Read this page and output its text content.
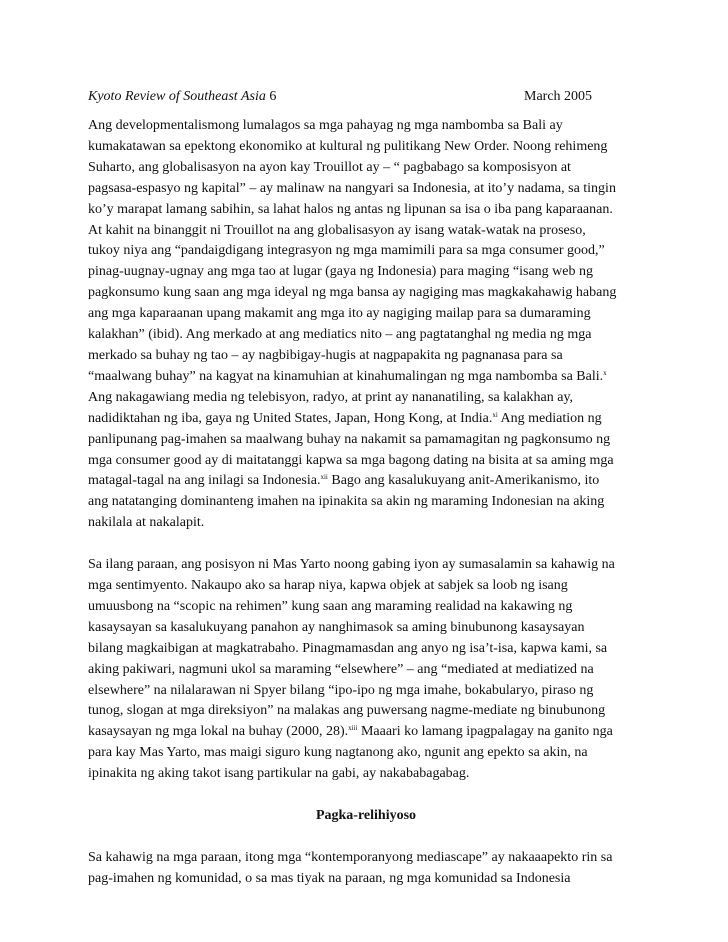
Kyoto Review of Southeast Asia 6	March 2005

Ang developmentalismong lumalagos sa mga pahayag ng mga nambomba sa Bali ay
kumakatawan sa epektong ekonomiko at kultural ng pulitikang New Order. Noong rehimeng
Suharto, ang globalisasyon na ayon kay Trouillot ay – “ pagbabago sa komposisyon at
pagsasa-espasyo ng kapital” – ay malinaw na nangyari sa Indonesia, at ito’y nadama, sa tingin
ko’y marapat lamang sabihin, sa lahat halos ng antas ng lipunan sa isa o iba pang kaparaanan.
At kahit na binanggit ni Trouillot na ang globalisasyon ay isang watak-watak na proseso,
tukoy niya ang “pandaigdigang integrasyon ng mga mamimili para sa mga consumer good,”
pinag-uugnay-ugnay ang mga tao at lugar (gaya ng Indonesia) para maging “isang web ng
pagkonsumo kung saan ang mga ideyal ng mga bansa ay nagiging mas magkakahawig habang
ang mga kaparaanan upang makamit ang mga ito ay nagiging mailap para sa dumaraming
kalakhan” (ibid). Ang merkado at ang mediatics nito – ang pagtatanghal ng media ng mga
merkado sa buhay ng tao – ay nagbibigay-hugis at nagpapakita ng pagnanasa para sa
“maalwang buhay” na kagyat na kinamuhian at kinahumalingan ng mga nambomba sa Bali.$^x$
Ang nakagawiang media ng telebisyon, radyo, at print ay nananatiling, sa kalakhan ay,
nadidiktahan ng iba, gaya ng United States, Japan, Hong Kong, at India.$^{xi}$ Ang mediation ng
panlipunang pag-imahen sa maalwang buhay na nakamit sa pamamagitan ng pagkonsumo ng
mga consumer good ay di maitatanggi kapwa sa mga bagong dating na bisita at sa aming mga
matagal-tagal na ang inilagi sa Indonesia.$^{xii}$ Bago ang kasalukuyang anit-Amerikanismo, ito
ang natatanging dominanteng imahen na ipinakita sa akin ng maraming Indonesian na aking
nakilala at nakalapit.

Sa ilang paraan, ang posisyon ni Mas Yarto noong gabing iyon ay sumasalamin sa kahawig na
mga sentimyento. Nakaupo ako sa harap niya, kapwa objek at sabjek sa loob ng isang
umuusbong na “scopic na rehimen” kung saan ang maraming realidad na kakawing ng
kasaysayan sa kasalukuyang panahon ay nanghimasok sa aming binubunong kasaysayan
bilang magkaibigan at magkatrabaho. Pinagmamasdan ang anyo ng isa’t-isa, kapwa kami, sa
aking pakiwari, nagmuni ukol sa maraming “elsewhere” – ang “mediated at mediatized na
elsewhere” na nilalarawan ni Spyer bilang “ipo-ipo ng mga imahe, bokabularyo, piraso ng
tunog, slogan at mga direksiyon” na malakas ang puwersang nagme-mediate ng binubunong
kasaysayan ng mga lokal na buhay (2000, 28).$^{xiii}$ Maaari ko lamang ipagpalagay na ganito nga
para kay Mas Yarto, mas maigi siguro kung nagtanong ako, ngunit ang epekto sa akin, na
ipinakita ng aking takot isang partikular na gabi, ay nakababagabag.

Pagka-relihiyoso

Sa kahawig na mga paraan, itong mga “kontemporanyong mediascape” ay nakaaapekto rin sa
pag-imahen ng komunidad, o sa mas tiyak na paraan, ng mga komunidad sa Indonesia
